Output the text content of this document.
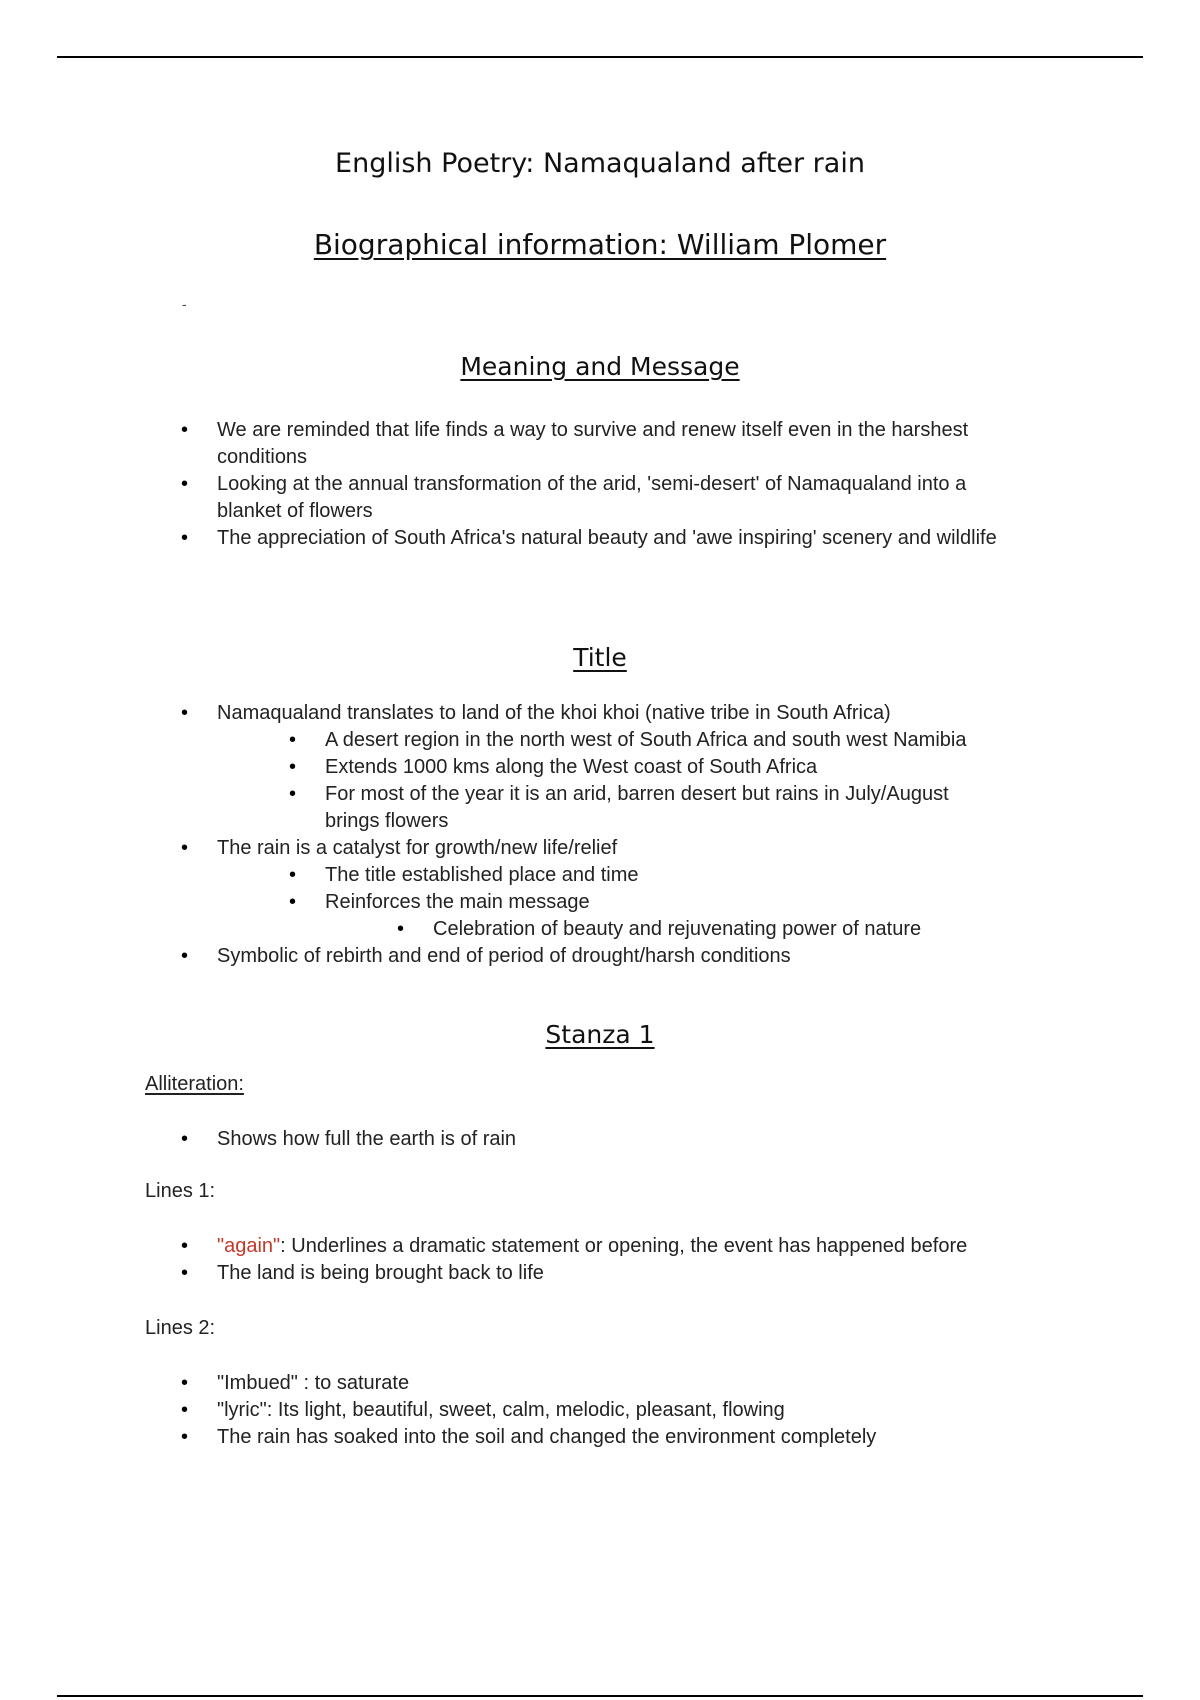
English Poetry: Namaqualand after rain
Biographical information: William Plomer
-
Meaning and Message
• We are reminded that life finds a way to survive and renew itself even in the harshest conditions
• Looking at the annual transformation of the arid, 'semi-desert' of Namaqualand into a blanket of flowers
• The appreciation of South Africa's natural beauty and 'awe inspiring' scenery and wildlife
Title
• Namaqualand translates to land of the khoi khoi (native tribe in South Africa)
• A desert region in the north west of South Africa and south west Namibia
• Extends 1000 kms along the West coast of South Africa
• For most of the year it is an arid, barren desert but rains in July/August brings flowers
• The rain is a catalyst for growth/new life/relief
• The title established place and time
• Reinforces the main message
• Celebration of beauty and rejuvenating power of nature
• Symbolic of rebirth and end of period of drought/harsh conditions
Stanza 1
Alliteration:
• Shows how full the earth is of rain
Lines 1:
• "again": Underlines a dramatic statement or opening, the event has happened before
• The land is being brought back to life
Lines 2:
• "Imbued" : to saturate
• "lyric": Its light, beautiful, sweet, calm, melodic, pleasant, flowing
• The rain has soaked into the soil and changed the environment completely
